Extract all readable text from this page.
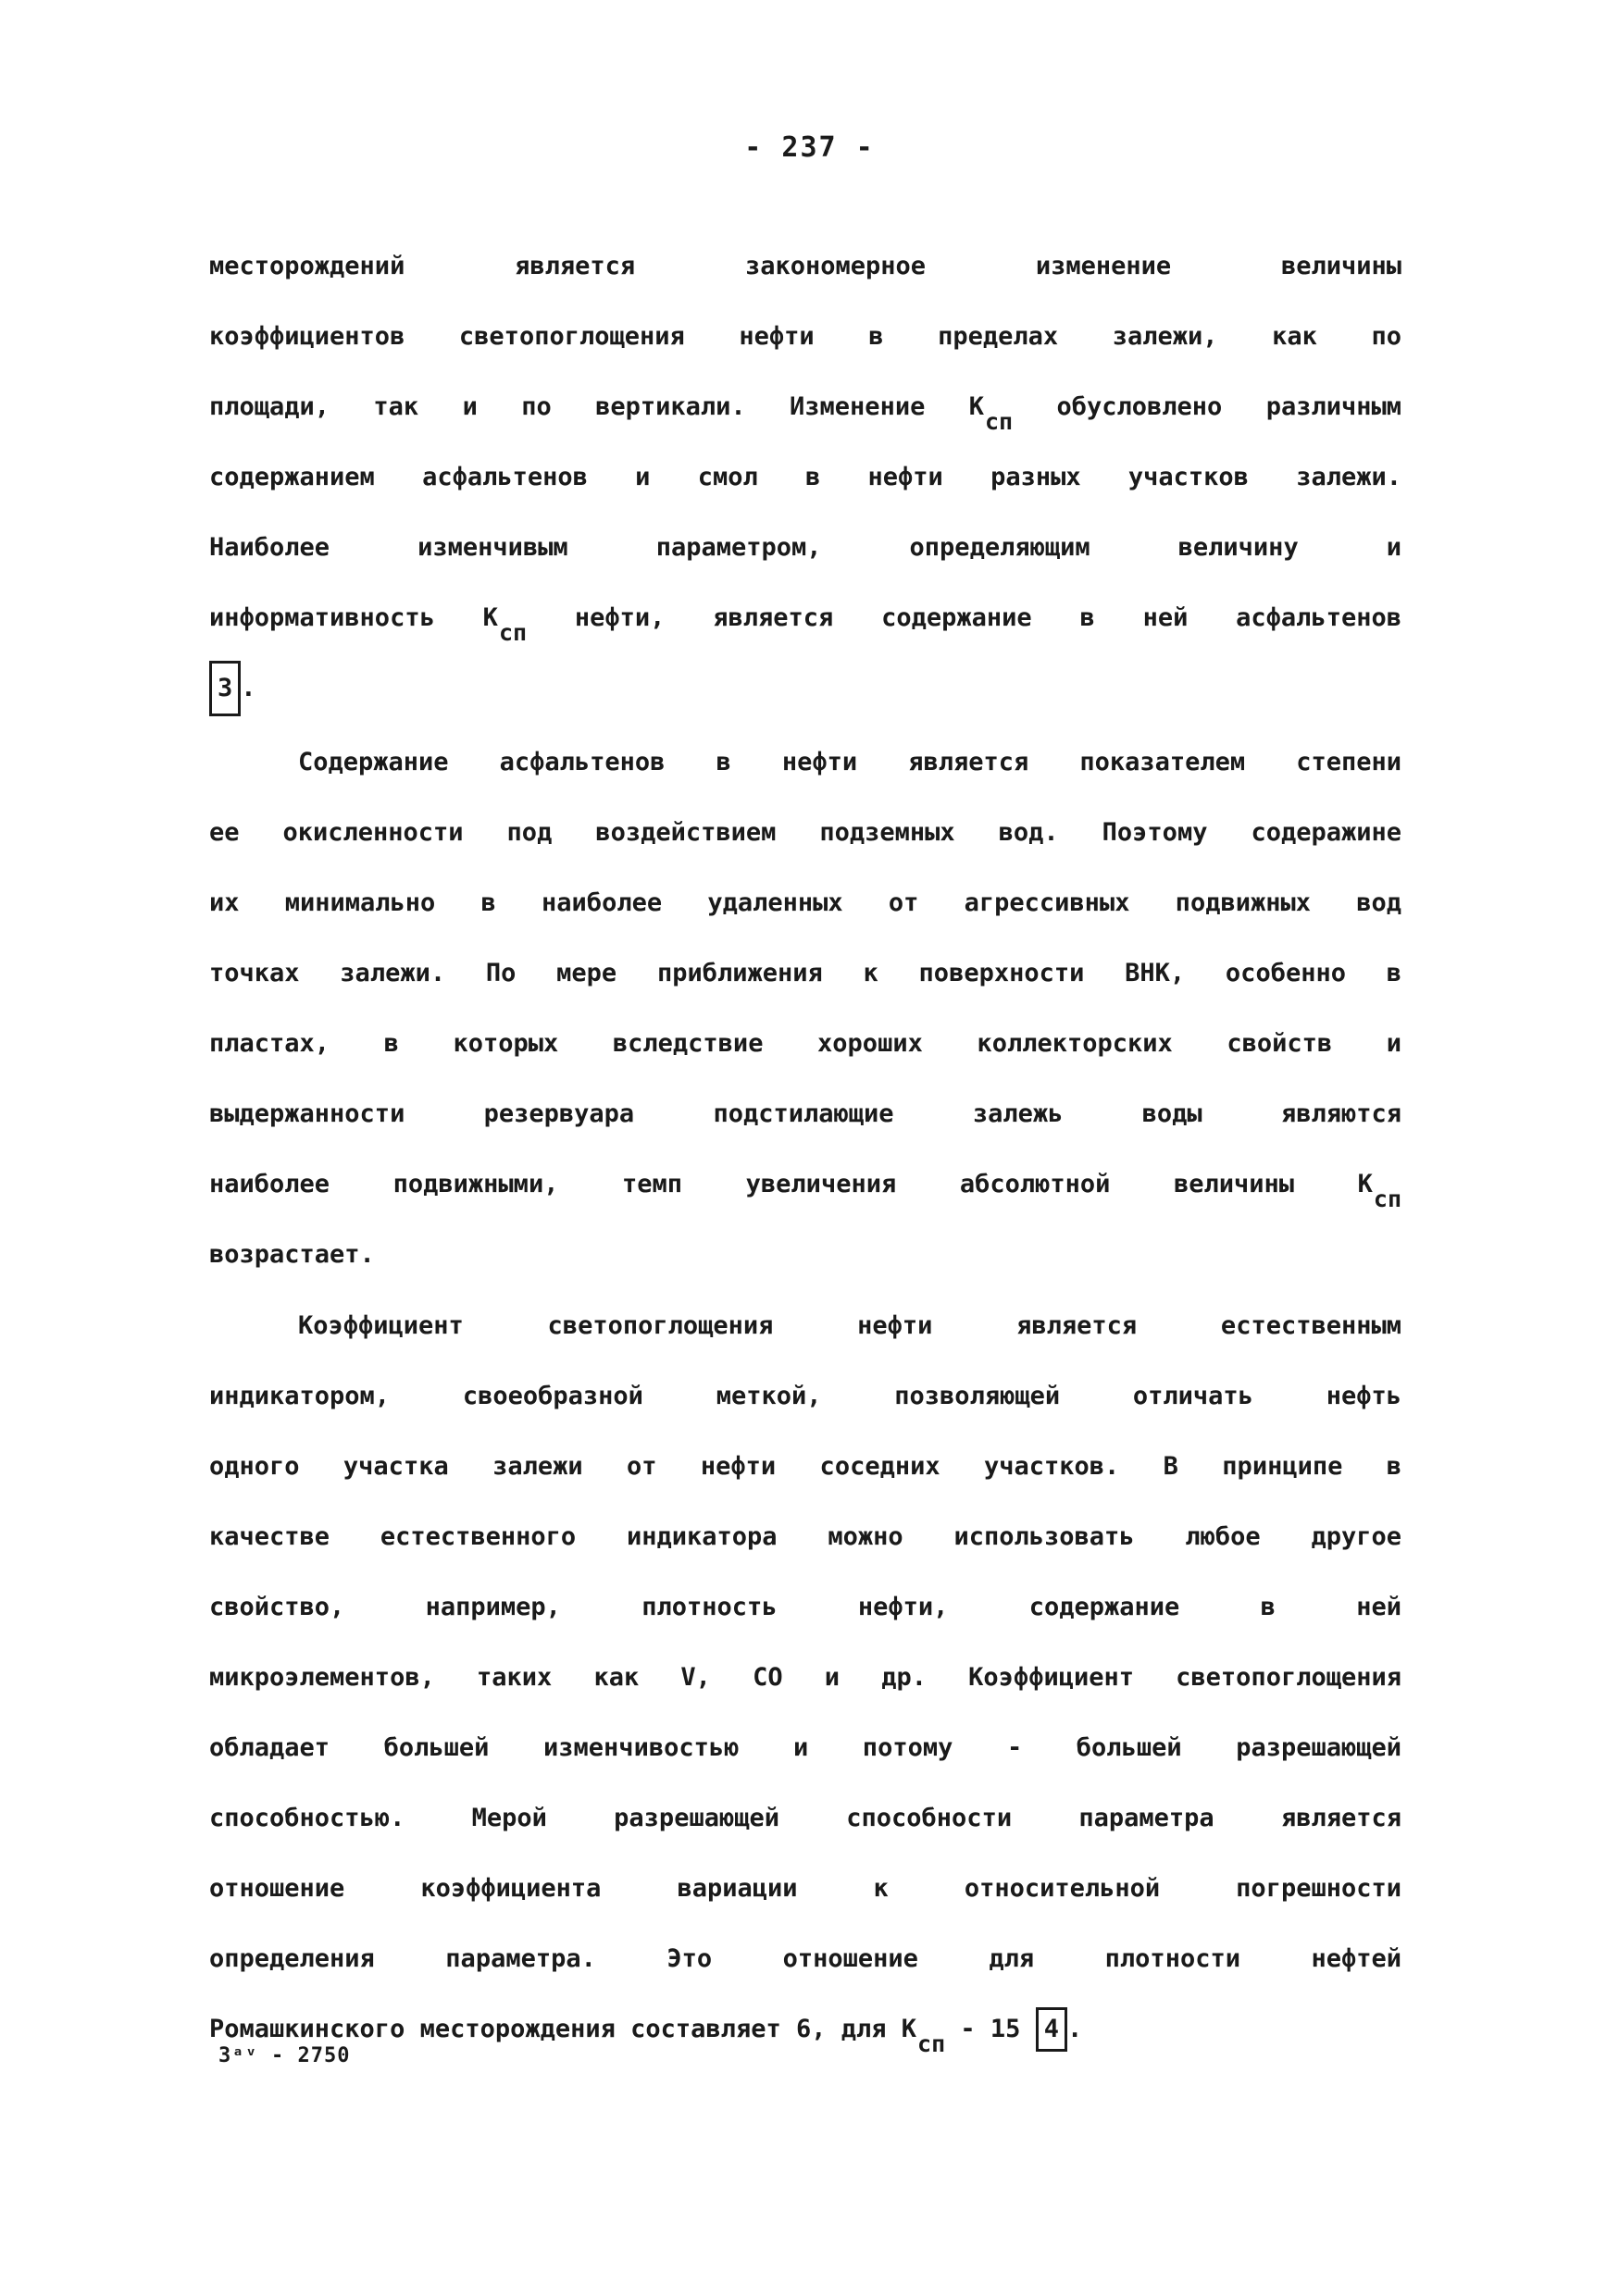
- 237 -
месторождений является закономерное изменение величины
коэффициентов светопоглощения нефти в пределах залежи, как по
площади, так и по вертикали. Изменение Kсп обусловлено различным
содержанием асфальтенов и смол в нефти разных участков залежи.
Наиболее изменчивым параметром, определяющим величину и
информативность Kсп нефти, является содержание в ней асфальтенов
3 .
Содержание асфальтенов в нефти является показателем степени
ее окисленности под воздействием подземных вод. Поэтому содеражине
их минимально в наиболее удаленных от агрессивных подвижных вод
точках залежи. По мере приближения к поверхности ВНК, особенно в
пластах, в которых вследствие хороших коллекторских свойств и
выдержанности резервуара подстилающие залежь воды являются
наиболее подвижными, темп увеличения абсолютной величины	Kсп
возрастает.
Коэффициент светопоглощения нефти является естественным
индикатором, своеобразной меткой, позволяющей отличать нефть
одного участка залежи от нефти соседних участков. В принципе в
качестве естественного индикатора можно использовать любое другое
свойство, например, плотность нефти, содержание в ней
микроэлементов, таких как V, CO и др. Коэффициент светопоглощения
обладает большей изменчивостью и потому - большей разрешающей
способностью. Мерой разрешающей способности параметра является
отношение коэффициента вариации к относительной погрешности
определения параметра. Это отношение для плотности нефтей
Ромашкинского месторождения составляет 6, для Kсп - 15 4 .
3ᵃᵛ - 2750
